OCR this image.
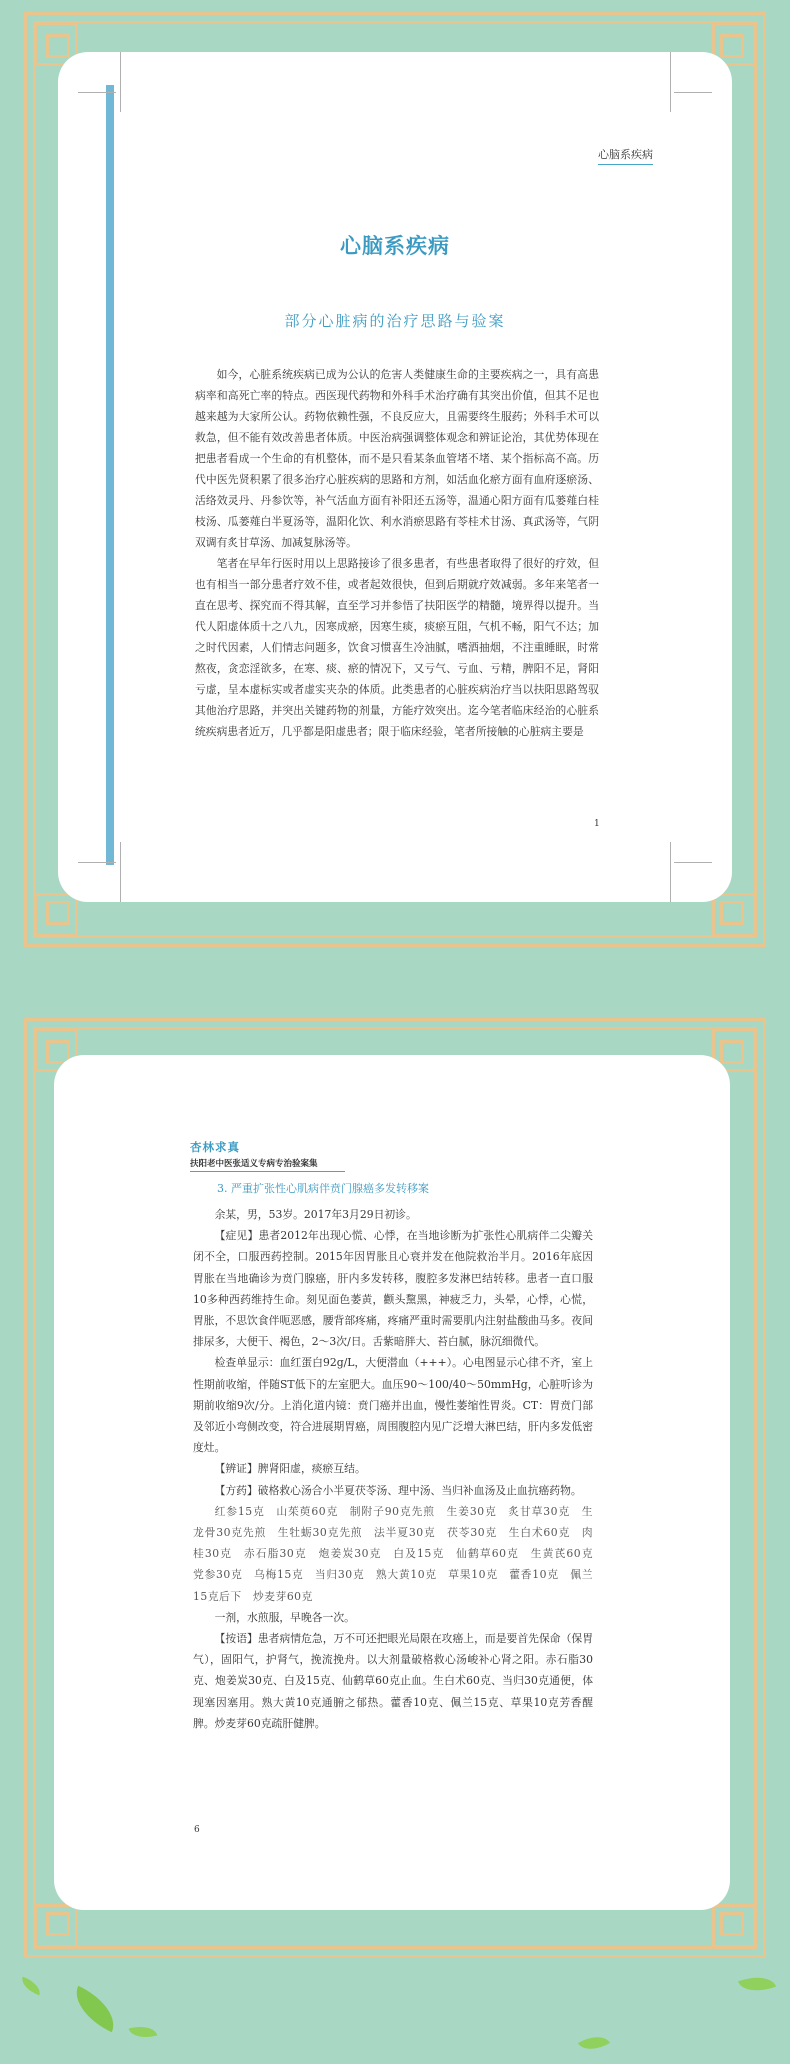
心脑系疾病
心脑系疾病
部分心脏病的治疗思路与验案

如今，心脏系统疾病已成为公认的危害人类健康生命的主要疾病之一，具有高患病率和高死亡率的特点。西医现代药物和外科手术治疗确有其突出价值，但其不足也越来越为大家所公认。药物依赖性强，不良反应大，且需要终生服药；外科手术可以救急，但不能有效改善患者体质。中医治病强调整体观念和辨证论治，其优势体现在把患者看成一个生命的有机整体，而不是只看某条血管堵不堵、某个指标高不高。历代中医先贤积累了很多治疗心脏疾病的思路和方剂，如活血化瘀方面有血府逐瘀汤、活络效灵丹、丹参饮等，补气活血方面有补阳还五汤等，温通心阳方面有瓜蒌薤白桂枝汤、瓜蒌薤白半夏汤等，温阳化饮、利水消瘀思路有苓桂术甘汤、真武汤等，气阴双调有炙甘草汤、加减复脉汤等。

笔者在早年行医时用以上思路接诊了很多患者，有些患者取得了很好的疗效，但也有相当一部分患者疗效不佳，或者起效很快，但到后期就疗效减弱。多年来笔者一直在思考、探究而不得其解，直至学习并参悟了扶阳医学的精髓，境界得以提升。当代人阳虚体质十之八九，因寒成瘀，因寒生痰，痰瘀互阻，气机不畅，阳气不达；加之时代因素，人们情志问题多，饮食习惯喜生冷油腻，嗜酒抽烟，不注重睡眠，时常熬夜，贪恋淫欲多，在寒、痰、瘀的情况下，又亏气、亏血、亏精，脾阳不足，肾阳亏虚，呈本虚标实或者虚实夹杂的体质。此类患者的心脏疾病治疗当以扶阳思路驾驭其他治疗思路，并突出关键药物的剂量，方能疗效突出。迄今笔者临床经治的心脏系统疾病患者近万，几乎都是阳虚患者；限于临床经验，笔者所接触的心脏病主要是

1
杏林求真
扶阳老中医张适义专病专治验案集
3. 严重扩张性心肌病伴贲门腺癌多发转移案

余某，男，53岁。2017年3月29日初诊。

【症见】患者2012年出现心慌、心悸，在当地诊断为扩张性心肌病伴二尖瓣关闭不全，口服西药控制。2015年因胃胀且心衰并发在他院救治半月。2016年底因胃胀在当地确诊为贲门腺癌，肝内多发转移，腹腔多发淋巴结转移。患者一直口服10多种西药维持生命。刻见面色萎黄，颧头黧黑，神疲乏力，头晕，心悸，心慌，胃胀，不思饮食伴呃恶感，腰背部疼痛，疼痛严重时需要肌内注射盐酸曲马多。夜间排尿多，大便干、褐色，2～3次/日。舌紫暗胖大、苔白腻，脉沉细微代。

检查单显示：血红蛋白92g/L，大便潜血（+++）。心电图显示心律不齐，室上性期前收缩，伴随ST低下的左室肥大。血压90～100/40～50mmHg，心脏听诊为期前收缩9次/分。上消化道内镜：贲门癌并出血，慢性萎缩性胃炎。CT：胃贲门部及邻近小弯侧改变，符合进展期胃癌，周围腹腔内见广泛增大淋巴结，肝内多发低密度灶。

【辨证】脾肾阳虚，痰瘀互结。

【方药】破格救心汤合小半夏茯苓汤、理中汤、当归补血汤及止血抗癌药物。

红参15克　山茱萸60克　制附子90克先煎　生姜30克　炙甘草30克　生龙骨30克先煎　生牡蛎30克先煎　法半夏30克　茯苓30克　生白术60克　肉桂30克　赤石脂30克　炮姜炭30克　白及15克　仙鹤草60克　生黄芪60克　党参30克　乌梅15克　当归30克　熟大黄10克　草果10克　藿香10克　佩兰15克后下　炒麦芽60克

一剂，水煎服，早晚各一次。

【按语】患者病情危急，万不可还把眼光局限在攻癌上，而是要首先保命（保胃气），固阳气，护肾气，挽流挽舟。以大剂量破格救心汤峻补心肾之阳。赤石脂30克、炮姜炭30克、白及15克、仙鹤草60克止血。生白术60克、当归30克通便，体现塞因塞用。熟大黄10克通腑之郁热。藿香10克、佩兰15克、草果10克芳香醒脾。炒麦芽60克疏肝健脾。

6
